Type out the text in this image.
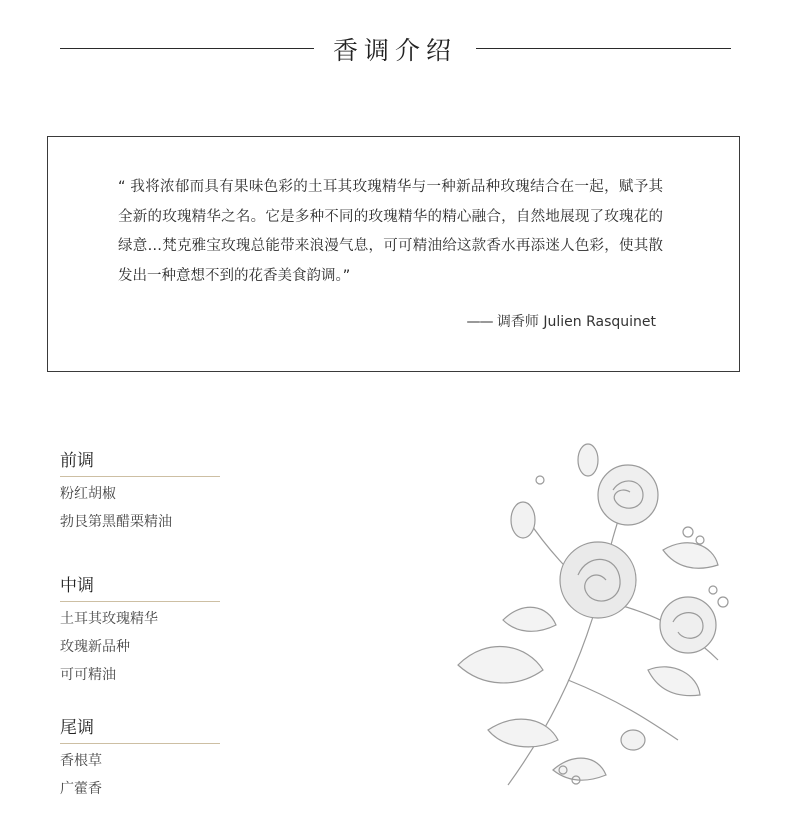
香调介绍

“ 我将浓郁而具有果味色彩的土耳其玫瑰精华与一种新品种玫瑰结合在一起，赋予其全新的玫瑰精华之名。它是多种不同的玫瑰精华的精心融合，自然地展现了玫瑰花的绿意…梵克雅宝玫瑰总能带来浪漫气息，可可精油给这款香水再添迷人色彩，使其散发出一种意想不到的花香美食韵调。”

—— 调香师 Julien Rasquinet
前调
粉红胡椒
勃艮第黑醋栗精油
中调
土耳其玫瑰精华
玫瑰新品种
可可精油
尾调
香根草
广藿香
